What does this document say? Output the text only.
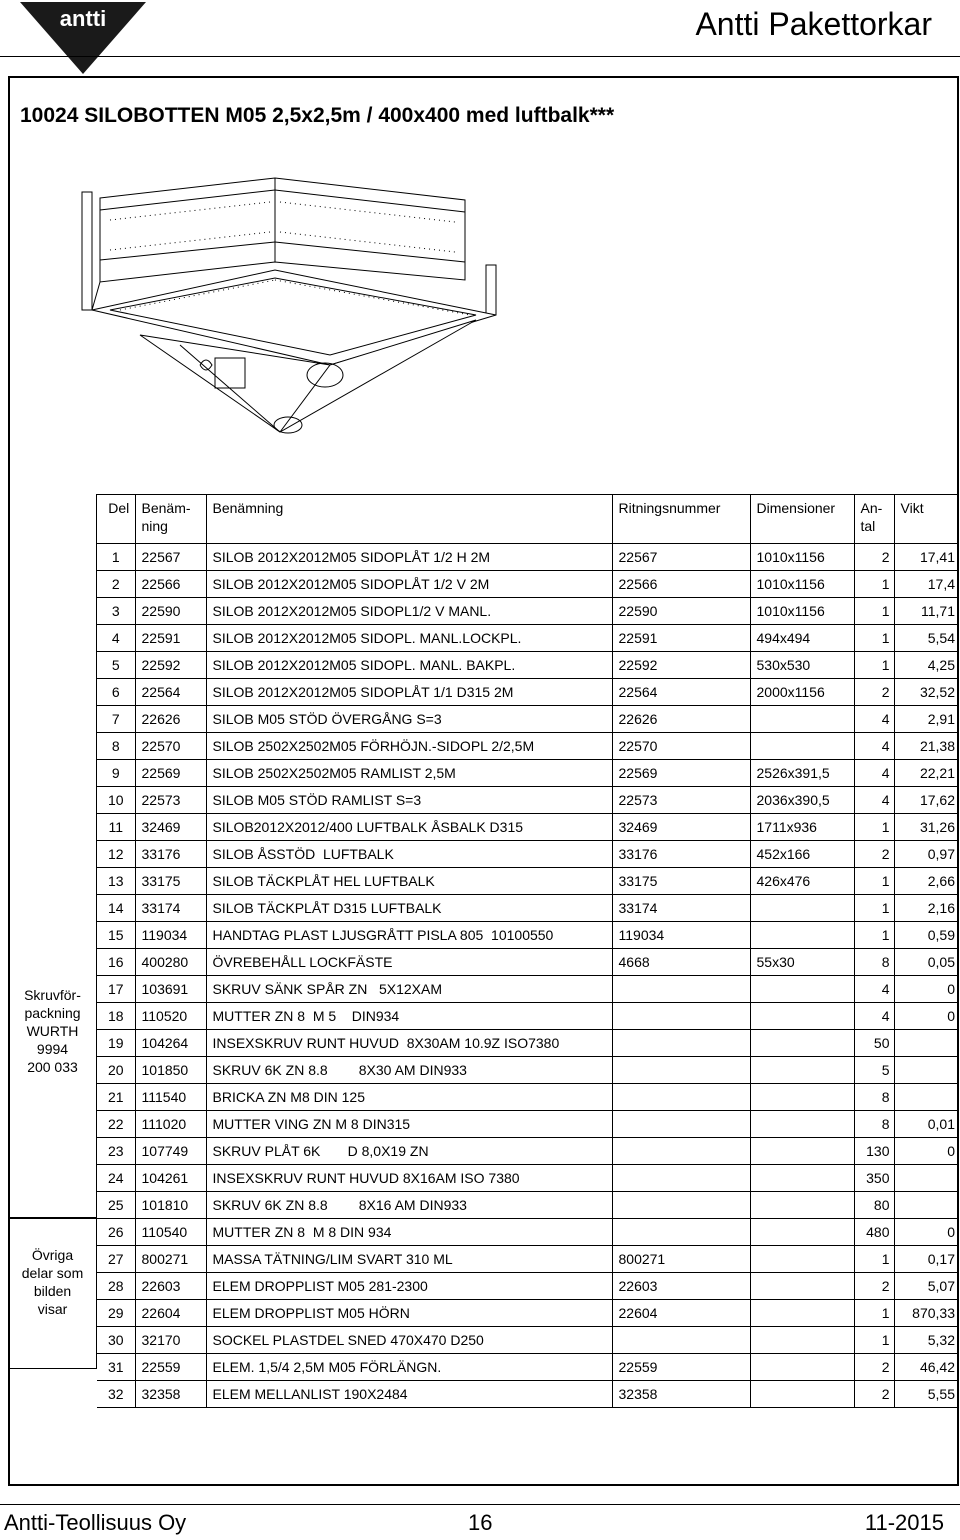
antti	Antti Pakettorkar
10024 SILOBOTTEN M05 2,5x2,5m / 400x400 med luftbalk***
Skruvför-
packning
WURTH
9994
200 033
Övriga
delar som
bilden
visar
Del	Benäm-
ning	Benämning	Ritningsnummer	Dimensioner	An-
tal	Vikt
1	22567	SILOB 2012X2012M05 SIDOPLÅT 1/2 H 2M	22567	1010x1156	2	17,41
2	22566	SILOB 2012X2012M05 SIDOPLÅT 1/2 V 2M	22566	1010x1156	1	17,4
3	22590	SILOB 2012X2012M05 SIDOPL1/2 V MANL.	22590	1010x1156	1	11,71
4	22591	SILOB 2012X2012M05 SIDOPL. MANL.LOCKPL.	22591	494x494	1	5,54
5	22592	SILOB 2012X2012M05 SIDOPL. MANL. BAKPL.	22592	530x530	1	4,25
6	22564	SILOB 2012X2012M05 SIDOPLÅT 1/1 D315 2M	22564	2000x1156	2	32,52
7	22626	SILOB M05 STÖD ÖVERGÅNG S=3	22626		4	2,91
8	22570	SILOB 2502X2502M05 FÖRHÖJN.-SIDOPL 2/2,5M	22570		4	21,38
9	22569	SILOB 2502X2502M05 RAMLIST 2,5M	22569	2526x391,5	4	22,21
10	22573	SILOB M05 STÖD RAMLIST S=3	22573	2036x390,5	4	17,62
11	32469	SILOB2012X2012/400 LUFTBALK ÅSBALK D315	32469	1711x936	1	31,26
12	33176	SILOB ÅSSTÖD  LUFTBALK	33176	452x166	2	0,97
13	33175	SILOB TÄCKPLÅT HEL LUFTBALK	33175	426x476	1	2,66
14	33174	SILOB TÄCKPLÅT D315 LUFTBALK	33174		1	2,16
15	119034	HANDTAG PLAST LJUSGRÅTT PISLA 805  10100550	119034		1	0,59
16	400280	ÖVREBEHÅLL LOCKFÄSTE	4668	55x30	8	0,05
17	103691	SKRUV SÄNK SPÅR ZN   5X12XAM			4	0
18	110520	MUTTER ZN 8  M 5    DIN934			4	0
19	104264	INSEXSKRUV RUNT HUVUD  8X30AM 10.9Z ISO7380			50	
20	101850	SKRUV 6K ZN 8.8        8X30 AM DIN933			5	
21	111540	BRICKA ZN M8 DIN 125			8	
22	111020	MUTTER VING ZN M 8 DIN315			8	0,01
23	107749	SKRUV PLÅT 6K       D 8,0X19 ZN			130	0
24	104261	INSEXSKRUV RUNT HUVUD 8X16AM ISO 7380			350	
25	101810	SKRUV 6K ZN 8.8        8X16 AM DIN933			80	
26	110540	MUTTER ZN 8  M 8 DIN 934			480	0
27	800271	MASSA TÄTNING/LIM SVART 310 ML	800271		1	0,17
28	22603	ELEM DROPPLIST M05 281-2300	22603		2	5,07
29	22604	ELEM DROPPLIST M05 HÖRN	22604		1	870,33
30	32170	SOCKEL PLASTDEL SNED 470X470 D250			1	5,32
31	22559	ELEM. 1,5/4 2,5M M05 FÖRLÄNGN.	22559		2	46,42
32	32358	ELEM MELLANLIST 190X2484	32358		2	5,55
Antti-Teollisuus Oy	16	11-2015
